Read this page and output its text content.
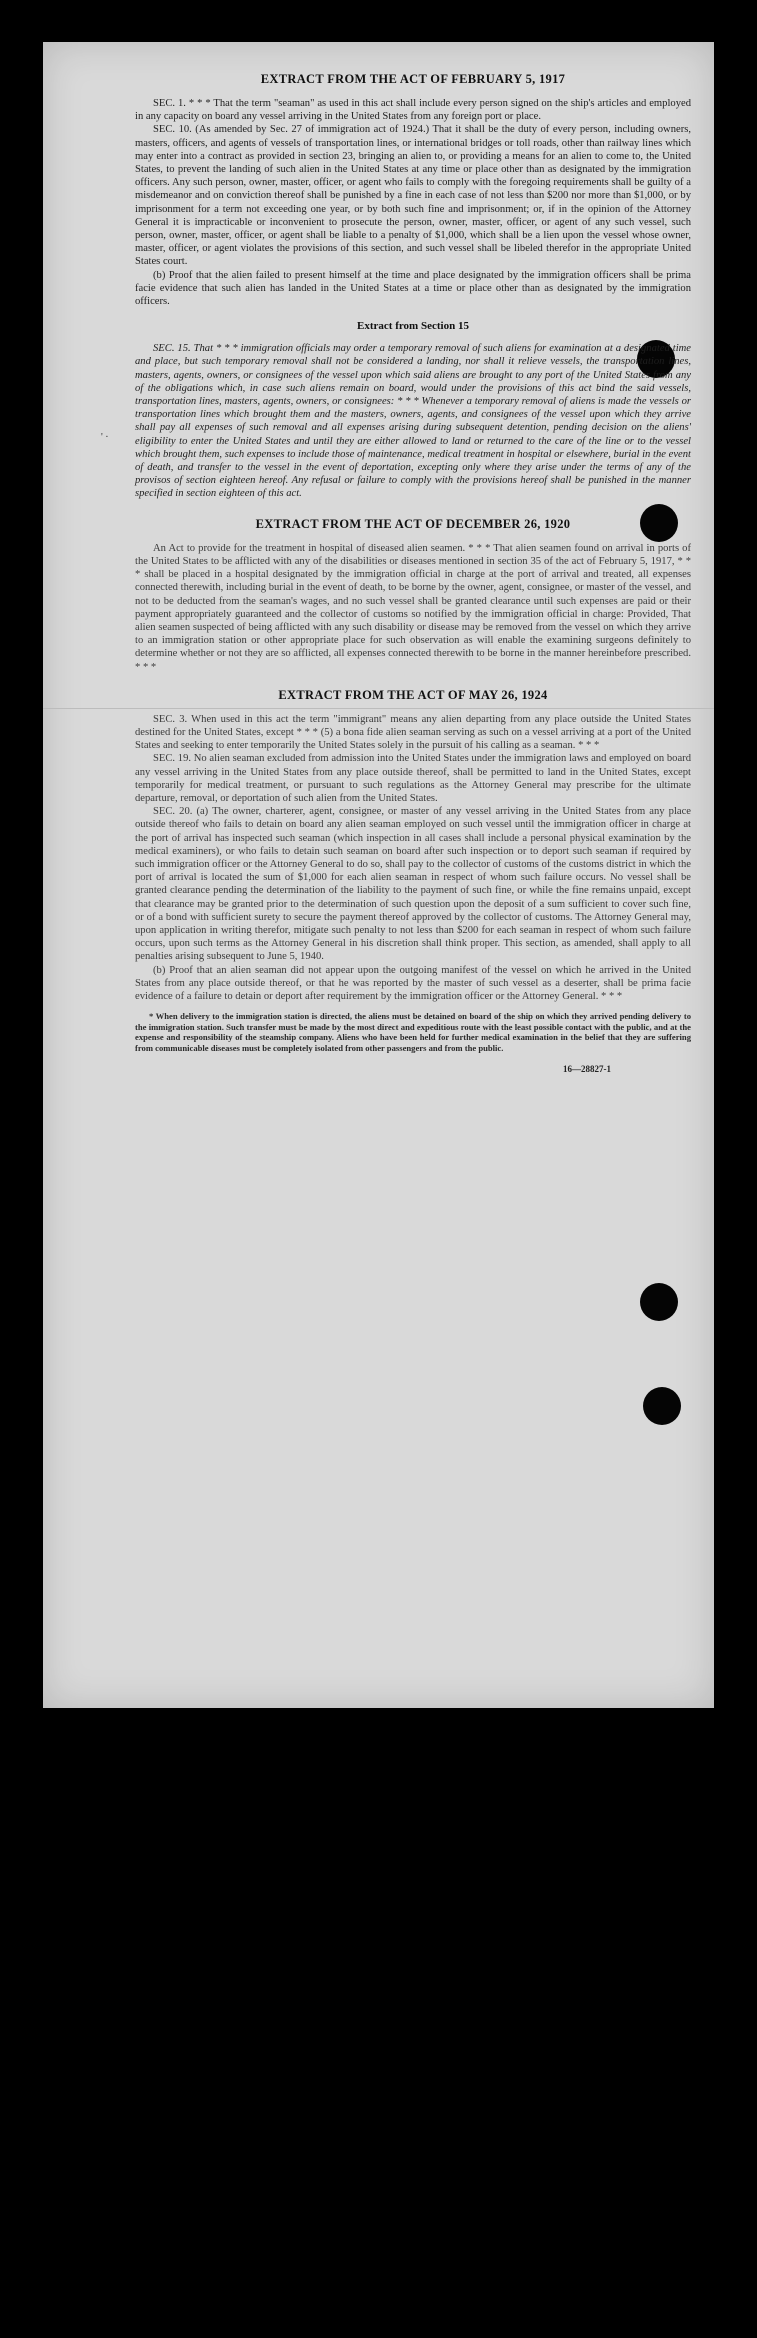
' ·
EXTRACT FROM THE ACT OF FEBRUARY 5, 1917

SEC. 1. * * * That the term "seaman" as used in this act shall include every person signed on the ship's articles and employed in any capacity on board any vessel arriving in the United States from any foreign port or place.

SEC. 10. (As amended by Sec. 27 of immigration act of 1924.) That it shall be the duty of every person, including owners, masters, officers, and agents of vessels of transportation lines, or international bridges or toll roads, other than railway lines which may enter into a contract as provided in section 23, bringing an alien to, or providing a means for an alien to come to, the United States, to prevent the landing of such alien in the United States at any time or place other than as designated by the immigration officers. Any such person, owner, master, officer, or agent who fails to comply with the foregoing requirements shall be guilty of a misdemeanor and on conviction thereof shall be punished by a fine in each case of not less than $200 nor more than $1,000, or by imprisonment for a term not exceeding one year, or by both such fine and imprisonment; or, if in the opinion of the Attorney General it is impracticable or inconvenient to prosecute the person, owner, master, officer, or agent of any such vessel, such person, owner, master, officer, or agent shall be liable to a penalty of $1,000, which shall be a lien upon the vessel whose owner, master, officer, or agent violates the provisions of this section, and such vessel shall be libeled therefor in the appropriate United States court.

(b) Proof that the alien failed to present himself at the time and place designated by the immigration officers shall be prima facie evidence that such alien has landed in the United States at a time or place other than as designated by the immigration officers.

Extract from Section 15

SEC. 15. That * * * immigration officials may order a temporary removal of such aliens for examination at a designated time and place, but such temporary removal shall not be considered a landing, nor shall it relieve vessels, the transportation lines, masters, agents, owners, or consignees of the vessel upon which said aliens are brought to any port of the United States from any of the obligations which, in case such aliens remain on board, would under the provisions of this act bind the said vessels, transportation lines, masters, agents, owners, or consignees: * * * Whenever a temporary removal of aliens is made the vessels or transportation lines which brought them and the masters, owners, agents, and consignees of the vessel upon which they arrive shall pay all expenses of such removal and all expenses arising during subsequent detention, pending decision on the aliens' eligibility to enter the United States and until they are either allowed to land or returned to the care of the line or to the vessel which brought them, such expenses to include those of maintenance, medical treatment in hospital or elsewhere, burial in the event of death, and transfer to the vessel in the event of deportation, excepting only where they arise under the terms of any of the provisos of section eighteen hereof. Any refusal or failure to comply with the provisions hereof shall be punished in the manner specified in section eighteen of this act.

EXTRACT FROM THE ACT OF DECEMBER 26, 1920

An Act to provide for the treatment in hospital of diseased alien seamen. * * * That alien seamen found on arrival in ports of the United States to be afflicted with any of the disabilities or diseases mentioned in section 35 of the act of February 5, 1917, * * * shall be placed in a hospital designated by the immigration official in charge at the port of arrival and treated, all expenses connected therewith, including burial in the event of death, to be borne by the owner, agent, consignee, or master of the vessel, and not to be deducted from the seaman's wages, and no such vessel shall be granted clearance until such expenses are paid or their payment appropriately guaranteed and the collector of customs so notified by the immigration official in charge: Provided, That alien seamen suspected of being afflicted with any such disability or disease may be removed from the vessel on which they arrive to an immigration station or other appropriate place for such observation as will enable the examining surgeons definitely to determine whether or not they are so afflicted, all expenses connected therewith to be borne in the manner hereinbefore prescribed. * * *

EXTRACT FROM THE ACT OF MAY 26, 1924

SEC. 3. When used in this act the term "immigrant" means any alien departing from any place outside the United States destined for the United States, except * * * (5) a bona fide alien seaman serving as such on a vessel arriving at a port of the United States and seeking to enter temporarily the United States solely in the pursuit of his calling as a seaman. * * *

SEC. 19. No alien seaman excluded from admission into the United States under the immigration laws and employed on board any vessel arriving in the United States from any place outside thereof, shall be permitted to land in the United States, except temporarily for medical treatment, or pursuant to such regulations as the Attorney General may prescribe for the ultimate departure, removal, or deportation of such alien from the United States.

SEC. 20. (a) The owner, charterer, agent, consignee, or master of any vessel arriving in the United States from any place outside thereof who fails to detain on board any alien seaman employed on such vessel until the immigration officer in charge at the port of arrival has inspected such seaman (which inspection in all cases shall include a personal physical examination by the medical examiners), or who fails to detain such seaman on board after such inspection or to deport such seaman if required by such immigration officer or the Attorney General to do so, shall pay to the collector of customs of the customs district in which the port of arrival is located the sum of $1,000 for each alien seaman in respect of whom such failure occurs. No vessel shall be granted clearance pending the determination of the liability to the payment of such fine, or while the fine remains unpaid, except that clearance may be granted prior to the determination of such question upon the deposit of a sum sufficient to cover such fine, or of a bond with sufficient surety to secure the payment thereof approved by the collector of customs. The Attorney General may, upon application in writing therefor, mitigate such penalty to not less than $200 for each seaman in respect of whom such failure occurs, upon such terms as the Attorney General in his discretion shall think proper. This section, as amended, shall apply to all penalties arising subsequent to June 5, 1940.

(b) Proof that an alien seaman did not appear upon the outgoing manifest of the vessel on which he arrived in the United States from any place outside thereof, or that he was reported by the master of such vessel as a deserter, shall be prima facie evidence of a failure to detain or deport after requirement by the immigration officer or the Attorney General. * * *

* When delivery to the immigration station is directed, the aliens must be detained on board of the ship on which they arrived pending delivery to the immigration station. Such transfer must be made by the most direct and expeditious route with the least possible contact with the public, and at the expense and responsibility of the steamship company. Aliens who have been held for further medical examination in the belief that they are suffering from communicable diseases must be completely isolated from other passengers and from the public.

16—28827-1
